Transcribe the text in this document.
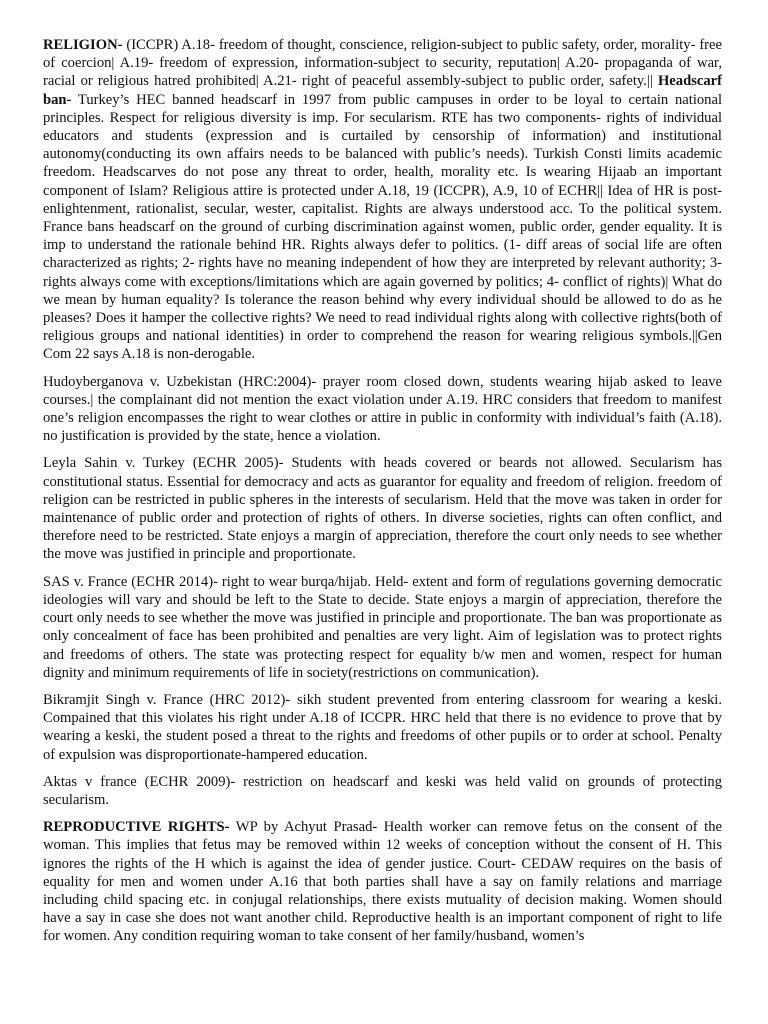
RELIGION- (ICCPR) A.18- freedom of thought, conscience, religion-subject to public safety, order, morality- free of coercion| A.19- freedom of expression, information-subject to security, reputation| A.20- propaganda of war, racial or religious hatred prohibited| A.21- right of peaceful assembly-subject to public order, safety.|| Headscarf ban- Turkey’s HEC banned headscarf in 1997 from public campuses in order to be loyal to certain national principles. Respect for religious diversity is imp. For secularism. RTE has two components- rights of individual educators and students (expression and is curtailed by censorship of information) and institutional autonomy(conducting its own affairs needs to be balanced with public’s needs). Turkish Consti limits academic freedom. Headscarves do not pose any threat to order, health, morality etc. Is wearing Hijaab an important component of Islam? Religious attire is protected under A.18, 19 (ICCPR), A.9, 10 of ECHR|| Idea of HR is post-enlightenment, rationalist, secular, wester, capitalist. Rights are always understood acc. To the political system. France bans headscarf on the ground of curbing discrimination against women, public order, gender equality. It is imp to understand the rationale behind HR. Rights always defer to politics. (1- diff areas of social life are often characterized as rights; 2- rights have no meaning independent of how they are interpreted by relevant authority; 3- rights always come with exceptions/limitations which are again governed by politics; 4- conflict of rights)| What do we mean by human equality? Is tolerance the reason behind why every individual should be allowed to do as he pleases? Does it hamper the collective rights? We need to read individual rights along with collective rights(both of religious groups and national identities) in order to comprehend the reason for wearing religious symbols.||Gen Com 22 says A.18 is non-derogable.

Hudoyberganova v. Uzbekistan (HRC:2004)- prayer room closed down, students wearing hijab asked to leave courses.| the complainant did not mention the exact violation under A.19. HRC considers that freedom to manifest one’s religion encompasses the right to wear clothes or attire in public in conformity with individual’s faith (A.18). no justification is provided by the state, hence a violation.

Leyla Sahin v. Turkey (ECHR 2005)- Students with heads covered or beards not allowed. Secularism has constitutional status. Essential for democracy and acts as guarantor for equality and freedom of religion. freedom of religion can be restricted in public spheres in the interests of secularism. Held that the move was taken in order for maintenance of public order and protection of rights of others. In diverse societies, rights can often conflict, and therefore need to be restricted. State enjoys a margin of appreciation, therefore the court only needs to see whether the move was justified in principle and proportionate.

SAS v. France (ECHR 2014)- right to wear burqa/hijab. Held- extent and form of regulations governing democratic ideologies will vary and should be left to the State to decide. State enjoys a margin of appreciation, therefore the court only needs to see whether the move was justified in principle and proportionate. The ban was proportionate as only concealment of face has been prohibited and penalties are very light. Aim of legislation was to protect rights and freedoms of others. The state was protecting respect for equality b/w men and women, respect for human dignity and minimum requirements of life in society(restrictions on communication).

Bikramjit Singh v. France (HRC 2012)- sikh student prevented from entering classroom for wearing a keski. Compained that this violates his right under A.18 of ICCPR. HRC held that there is no evidence to prove that by wearing a keski, the student posed a threat to the rights and freedoms of other pupils or to order at school. Penalty of expulsion was disproportionate-hampered education.

Aktas v france (ECHR 2009)- restriction on headscarf and keski was held valid on grounds of protecting secularism.

REPRODUCTIVE RIGHTS- WP by Achyut Prasad- Health worker can remove fetus on the consent of the woman. This implies that fetus may be removed within 12 weeks of conception without the consent of H. This ignores the rights of the H which is against the idea of gender justice. Court- CEDAW requires on the basis of equality for men and women under A.16 that both parties shall have a say on family relations and marriage including child spacing etc. in conjugal relationships, there exists mutuality of decision making. Women should have a say in case she does not want another child. Reproductive health is an important component of right to life for women. Any condition requiring woman to take consent of her family/husband, women’s
